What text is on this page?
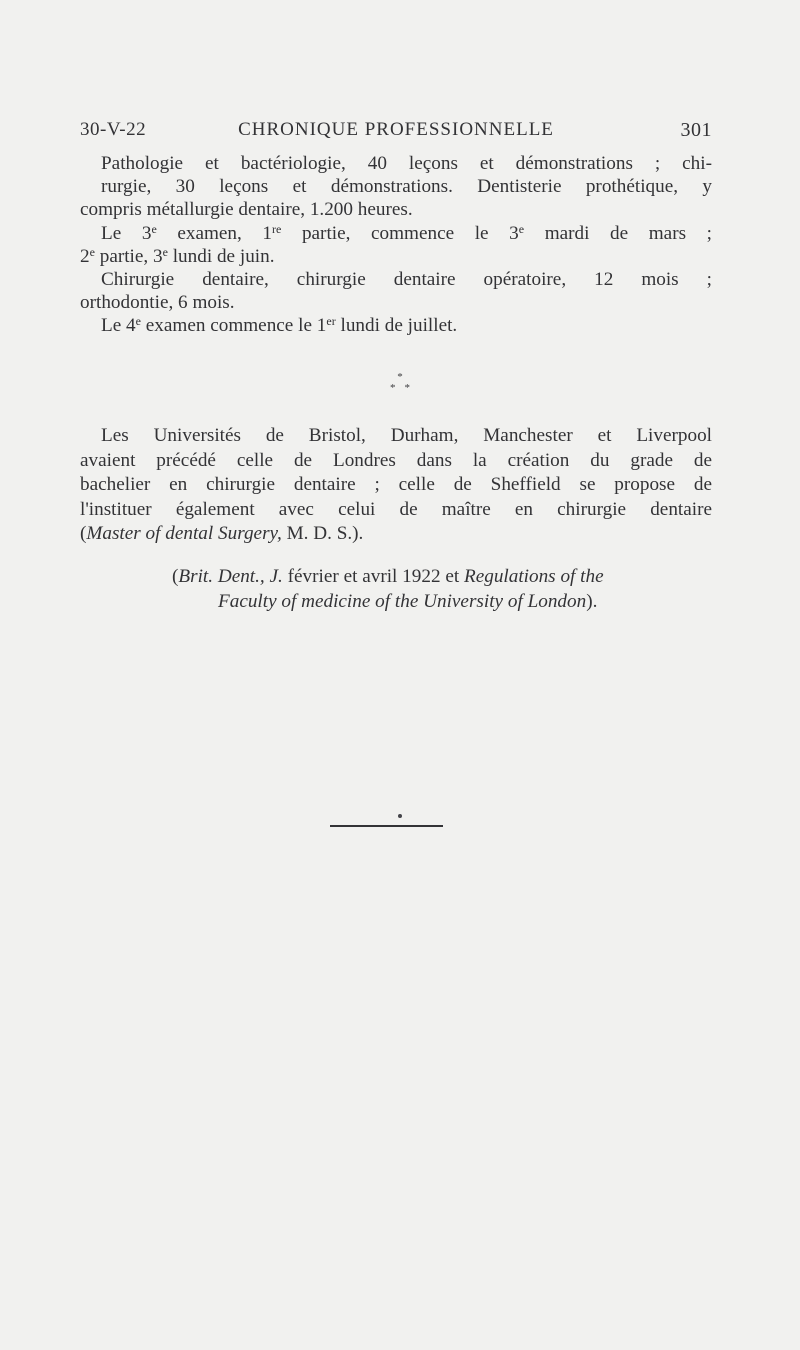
30-V-22	CHRONIQUE PROFESSIONNELLE	301

Pathologie et bactériologie, 40 leçons et démonstrations ; chi-
rurgie, 30 leçons et démonstrations. Dentisterie prothétique, y
compris métallurgie dentaire, 1.200 heures.

Le 3e examen, 1re partie, commence le 3e mardi de mars ;
2e partie, 3e lundi de juin.

Chirurgie dentaire, chirurgie dentaire opératoire, 12 mois ;
orthodontie, 6 mois.

Le 4e examen commence le 1er lundi de juillet.

*
**
Les Universités de Bristol, Durham, Manchester et Liverpool
avaient précédé celle de Londres dans la création du grade de
bachelier en chirurgie dentaire ; celle de Sheffield se propose de
l'instituer également avec celui de maître en chirurgie dentaire
(Master of dental Surgery, M. D. S.).
(Brit. Dent., J. février et avril 1922 et Regulations of the
Faculty of medicine of the University of London).
